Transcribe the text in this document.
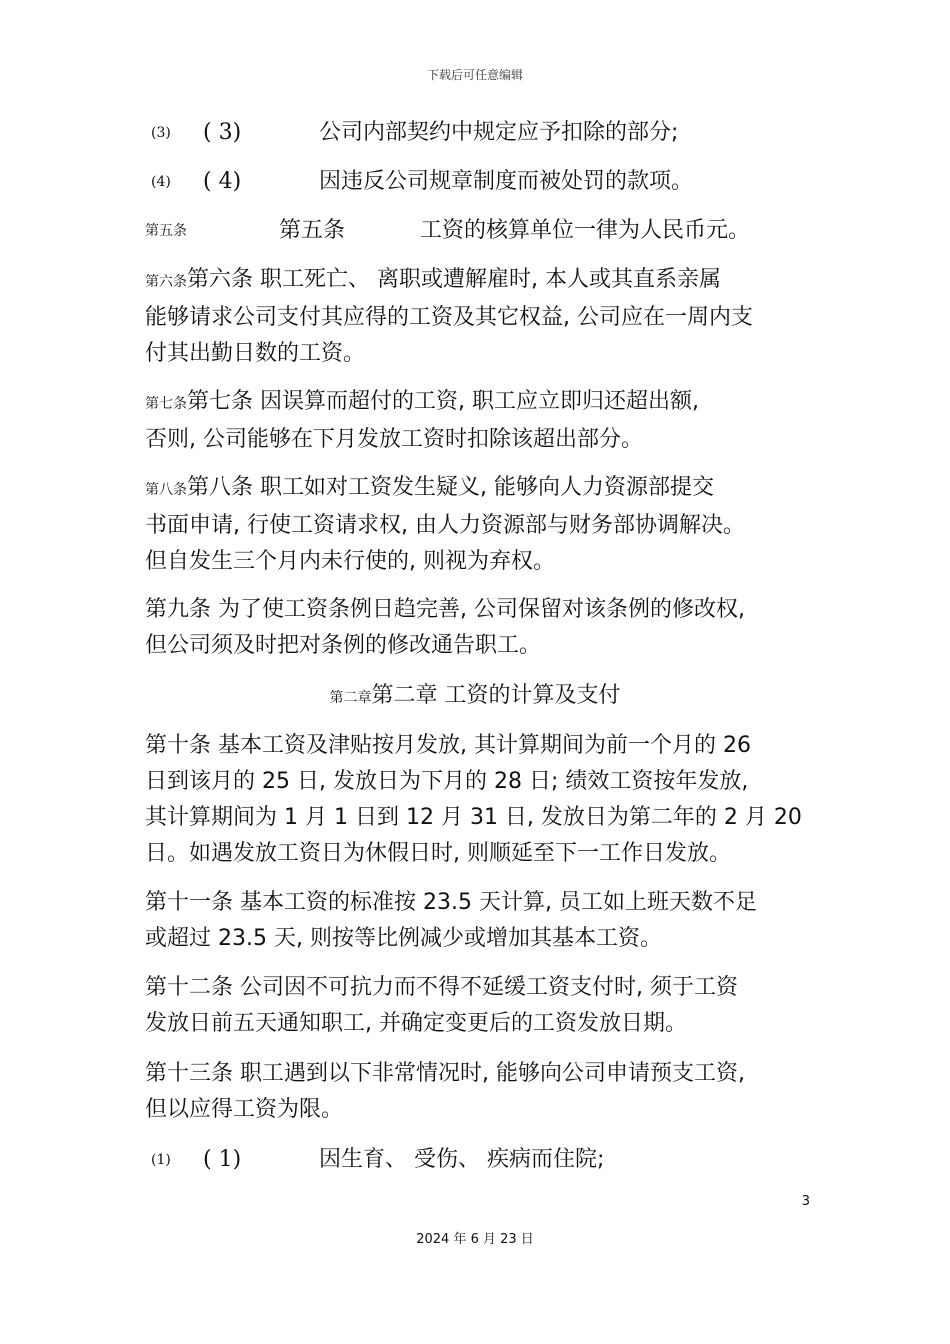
下载后可任意编辑
(3) ( 3)	公司内部契约中规定应予扣除的部分;
(4) ( 4)	因违反公司规章制度而被处罚的款项。
第五条	第五条	工资的核算单位一律为人民币元。
第六条第六条 职工死亡、 离职或遭解雇时, 本人或其直系亲属
能够请求公司支付其应得的工资及其它权益, 公司应在一周内支
付其出勤日数的工资。
第七条第七条 因误算而超付的工资, 职工应立即归还超出额,
否则, 公司能够在下月发放工资时扣除该超出部分。
第八条第八条 职工如对工资发生疑义, 能够向人力资源部提交
书面申请, 行使工资请求权, 由人力资源部与财务部协调解决。
但自发生三个月内未行使的, 则视为弃权。
第九条 为了使工资条例日趋完善, 公司保留对该条例的修改权,
但公司须及时把对条例的修改通告职工。
第二章第二章 工资的计算及支付
第十条 基本工资及津贴按月发放, 其计算期间为前一个月的 26
日到该月的 25 日, 发放日为下月的 28 日; 绩效工资按年发放,
其计算期间为 1 月 1 日到 12 月 31 日, 发放日为第二年的 2 月 20
日。如遇发放工资日为休假日时, 则顺延至下一工作日发放。
第十一条 基本工资的标准按 23.5 天计算, 员工如上班天数不足
或超过 23.5 天, 则按等比例减少或增加其基本工资。
第十二条 公司因不可抗力而不得不延缓工资支付时, 须于工资
发放日前五天通知职工, 并确定变更后的工资发放日期。
第十三条 职工遇到以下非常情况时, 能够向公司申请预支工资,
但以应得工资为限。
(1) ( 1)	因生育、 受伤、 疾病而住院;
3
2024 年 6 月 23 日
